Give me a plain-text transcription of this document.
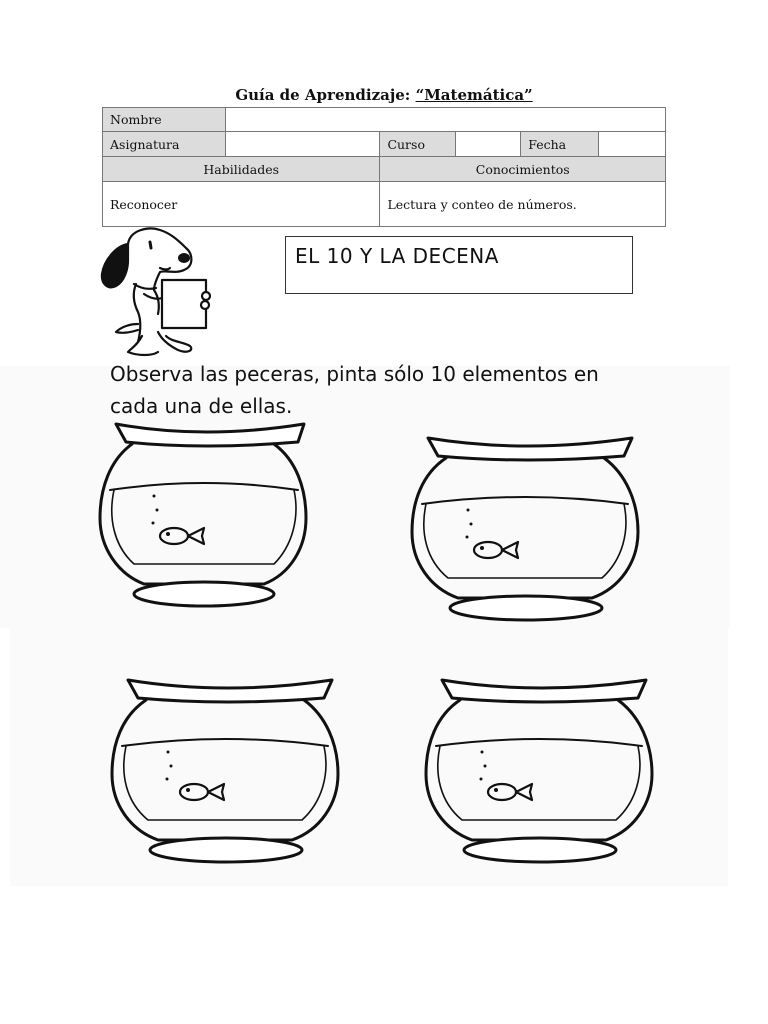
Guía de Aprendizaje: “Matemática”
Nombre					
Asignatura		Curso		Fecha	
Habilidades		Conocimientos			
Reconocer		Lectura y conteo de números.			
EL 10 Y LA DECENA
Observa las peceras, pinta sólo 10 elementos en
cada una de ellas.
